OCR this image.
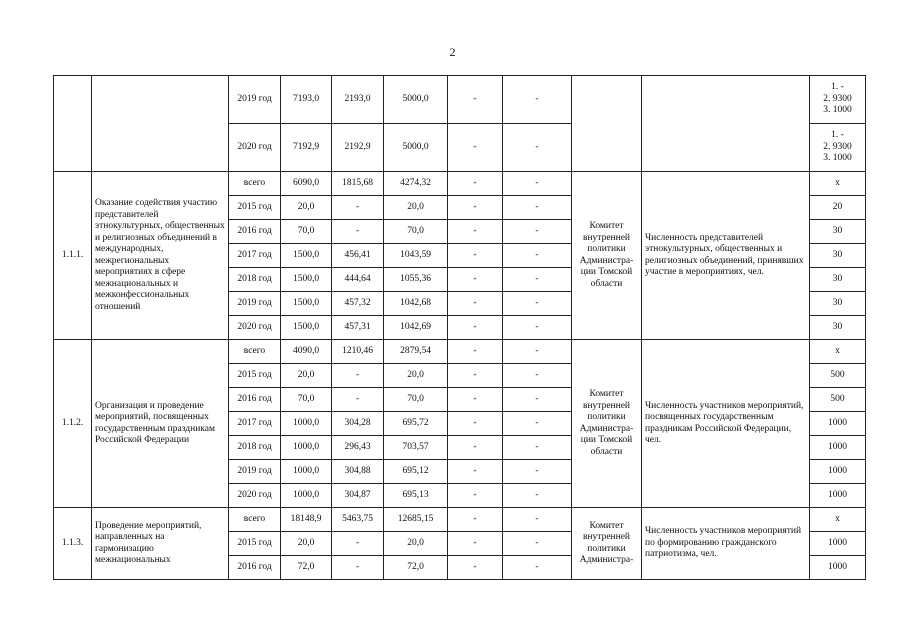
2
		2019 год	7193,0	2193,0	5000,0	-	-			1. -
2. 9300
3. 1000

		2020 год	7192,9	2192,9	5000,0	-	-			1. -
2. 9300
3. 1000

1.1.1.	Оказание содействия участию представителей этнокультурных, общественных и религиозных объединений в международных, межрегиональных мероприятиях в сфере межнациональных и межконфессиональных отношений	всего	6090,0	1815,68	4274,32	-	-	Комитет внутренней политики Администра-ции Томской области	Численность представителей этнокультурных, общественных и религиозных объединений, принявших участие в мероприятиях, чел.	х
		2015 год	20,0	-	20,0	-	-			20
		2016 год	70,0	-	70,0	-	-			30
		2017 год	1500,0	456,41	1043,59	-	-			30
		2018 год	1500,0	444,64	1055,36	-	-			30
		2019 год	1500,0	457,32	1042,68	-	-			30
		2020 год	1500,0	457,31	1042,69	-	-			30
1.1.2.	Организация и проведение мероприятий, посвященных государственным праздникам Российской Федерации	всего	4090,0	1210,46	2879,54	-	-	Комитет внутренней политики Администра-ции Томской области	Численность участников мероприятий, посвященных государственным праздникам Российской Федерации, чел.	х
		2015 год	20,0	-	20,0	-	-			500
		2016 год	70,0	-	70,0	-	-			500
		2017 год	1000,0	304,28	695,72	-	-			1000
		2018 год	1000,0	296,43	703,57	-	-			1000
		2019 год	1000,0	304,88	695,12	-	-			1000
		2020 год	1000,0	304,87	695,13	-	-			1000
1.1.3.	Проведение мероприятий, направленных на гармонизацию межнациональных	всего	18148,9	5463,75	12685,15	-	-	Комитет внутренней политики Администра-	Численность участников мероприятий по формированию гражданского патриотизма, чел.	х
		2015 год	20,0	-	20,0	-	-			1000
		2016 год	72,0	-	72,0	-	-			1000
